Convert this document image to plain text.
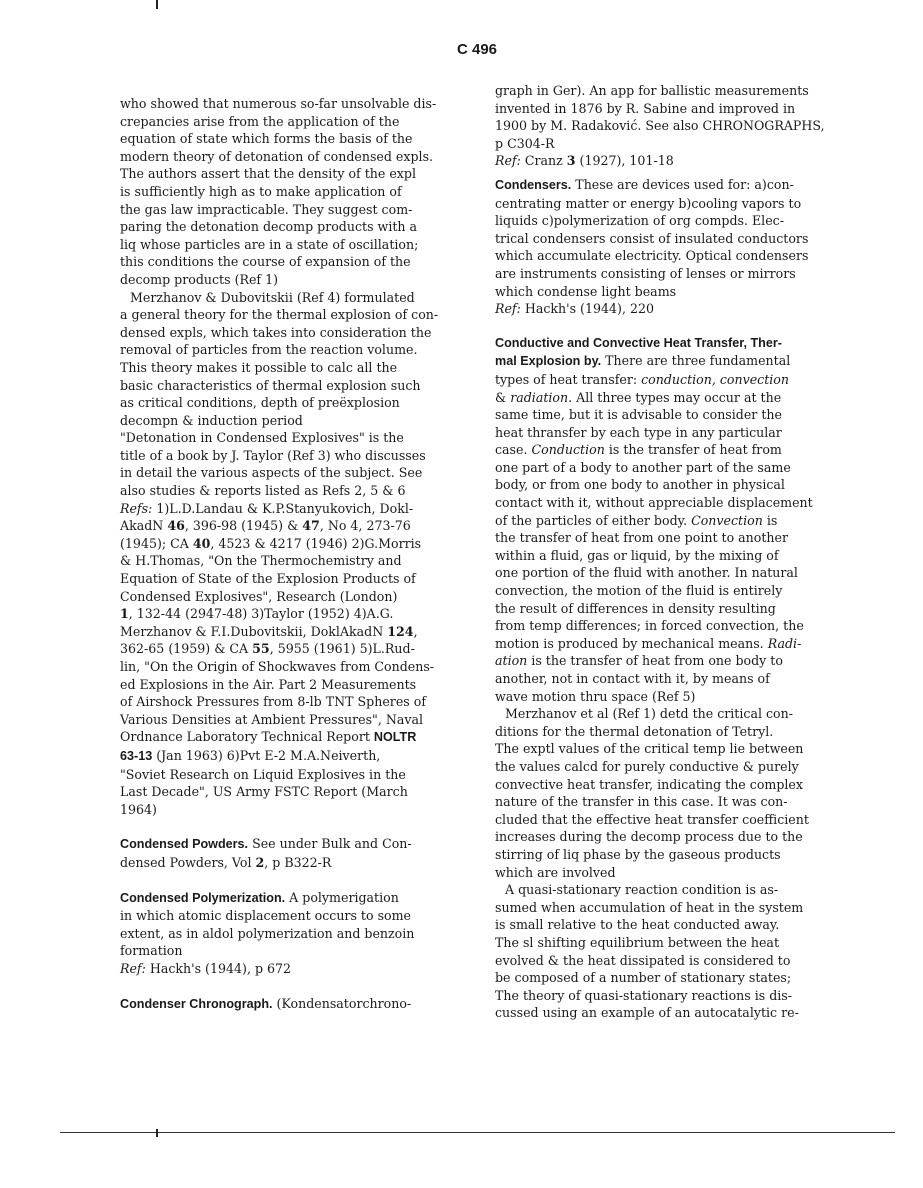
C 496
who showed that numerous so-far unsolvable dis-
crepancies arise from the application of the
equation of state which forms the basis of the
modern theory of detonation of condensed expls.
The authors assert that the density of the expl
is sufficiently high as to make application of
the gas law impracticable. They suggest com-
paring the detonation decomp products with a
liq whose particles are in a state of oscillation;
this conditions the course of expansion of the
decomp products (Ref 1)
Merzhanov & Dubovitskii (Ref 4) formulated
a general theory for the thermal explosion of con-
densed expls, which takes into consideration the
removal of particles from the reaction volume.
This theory makes it possible to calc all the
basic characteristics of thermal explosion such
as critical conditions, depth of preëxplosion
decompn & induction period
"Detonation in Condensed Explosives" is the
title of a book by J. Taylor (Ref 3) who discusses
in detail the various aspects of the subject. See
also studies & reports listed as Refs 2, 5 & 6
Refs: 1)L.D.Landau & K.P.Stanyukovich, Dokl-
AkadN 46, 396-98 (1945) & 47, No 4, 273-76
(1945); CA 40, 4523 & 4217 (1946) 2)G.Morris
& H.Thomas, "On the Thermochemistry and
Equation of State of the Explosion Products of
Condensed Explosives", Research (London)
1, 132-44 (2947-48) 3)Taylor (1952) 4)A.G.
Merzhanov & F.I.Dubovitskii, DoklAkadN 124,
362-65 (1959) & CA 55, 5955 (1961) 5)L.Rud-
lin, "On the Origin of Shockwaves from Condens-
ed Explosions in the Air. Part 2 Measurements
of Airshock Pressures from 8-lb TNT Spheres of
Various Densities at Ambient Pressures", Naval
Ordnance Laboratory Technical Report NOLTR
63-13 (Jan 1963) 6)Pvt E-2 M.A.Neiverth,
"Soviet Research on Liquid Explosives in the
Last Decade", US Army FSTC Report (March
1964)
Condensed Powders. See under Bulk and Con-
densed Powders, Vol 2, p B322-R
Condensed Polymerization. A polymerigation
in which atomic displacement occurs to some
extent, as in aldol polymerization and benzoin
formation
Ref: Hackh's (1944), p 672
Condenser Chronograph. (Kondensatorchrono-
graph in Ger). An app for ballistic measurements
invented in 1876 by R. Sabine and improved in
1900 by M. Radaković. See also CHRONOGRAPHS,
p C304-R
Ref: Cranz 3 (1927), 101-18
Condensers. These are devices used for: a)con-
centrating matter or energy b)cooling vapors to
liquids c)polymerization of org compds. Elec-
trical condensers consist of insulated conductors
which accumulate electricity. Optical condensers
are instruments consisting of lenses or mirrors
which condense light beams
Ref: Hackh's (1944), 220
Conductive and Convective Heat Transfer, Ther-
mal Explosion by. There are three fundamental
types of heat transfer: conduction, convection
& radiation. All three types may occur at the
same time, but it is advisable to consider the
heat thransfer by each type in any particular
case. Conduction is the transfer of heat from
one part of a body to another part of the same
body, or from one body to another in physical
contact with it, without appreciable displacement
of the particles of either body. Convection is
the transfer of heat from one point to another
within a fluid, gas or liquid, by the mixing of
one portion of the fluid with another. In natural
convection, the motion of the fluid is entirely
the result of differences in density resulting
from temp differences; in forced convection, the
motion is produced by mechanical means. Radi-
ation is the transfer of heat from one body to
another, not in contact with it, by means of
wave motion thru space (Ref 5)
Merzhanov et al (Ref 1) detd the critical con-
ditions for the thermal detonation of Tetryl.
The exptl values of the critical temp lie between
the values calcd for purely conductive & purely
convective heat transfer, indicating the complex
nature of the transfer in this case. It was con-
cluded that the effective heat transfer coefficient
increases during the decomp process due to the
stirring of liq phase by the gaseous products
which are involved
A quasi-stationary reaction condition is as-
sumed when accumulation of heat in the system
is small relative to the heat conducted away.
The sl shifting equilibrium between the heat
evolved & the heat dissipated is considered to
be composed of a number of stationary states;
The theory of quasi-stationary reactions is dis-
cussed using an example of an autocatalytic re-
